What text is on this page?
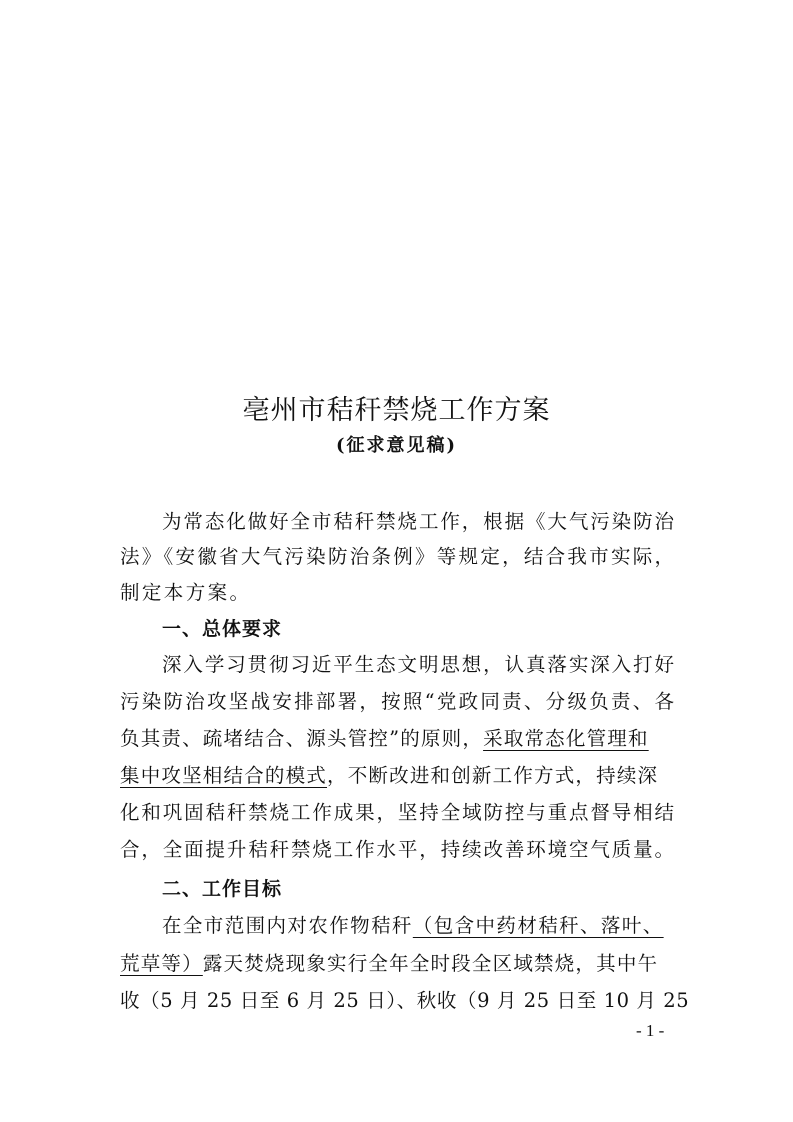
亳州市秸秆禁烧工作方案
(征求意见稿)
为常态化做好全市秸秆禁烧工作，根据《大气污染防治
法》《安徽省大气污染防治条例》等规定，结合我市实际，
制定本方案。
一、总体要求
深入学习贯彻习近平生态文明思想，认真落实深入打好
污染防治攻坚战安排部署，按照“党政同责、分级负责、各
负其责、疏堵结合、源头管控”的原则，采取常态化管理和
集中攻坚相结合的模式，不断改进和创新工作方式，持续深
化和巩固秸秆禁烧工作成果，坚持全域防控与重点督导相结
合，全面提升秸秆禁烧工作水平，持续改善环境空气质量。
二、工作目标
在全市范围内对农作物秸秆（包含中药材秸秆、落叶、
荒草等）露天焚烧现象实行全年全时段全区域禁烧，其中午
收（5 月 25 日至 6 月 25 日）、秋收（9 月 25 日至 10 月 25
- 1 -
